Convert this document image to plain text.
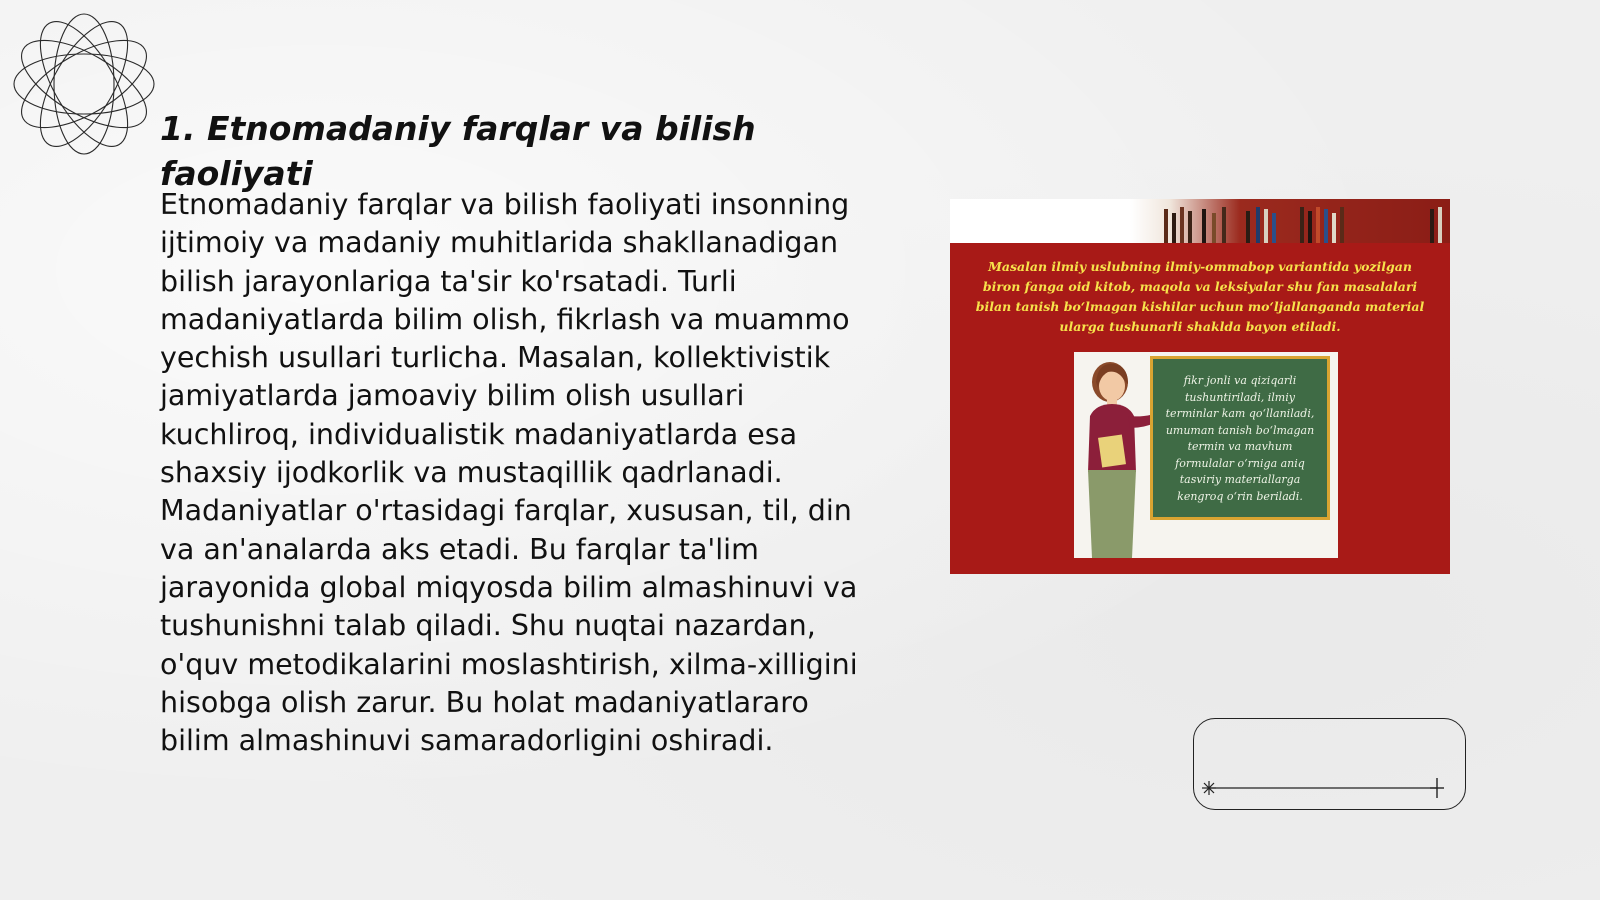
1. Etnomadaniy farqlar va bilish faoliyati

Etnomadaniy farqlar va bilish faoliyati insonning ijtimoiy va madaniy muhitlarida shakllanadigan bilish jarayonlariga ta'sir ko'rsatadi. Turli madaniyatlarda bilim olish, fikrlash va muammo yechish usullari turlicha. Masalan, kollektivistik jamiyatlarda jamoaviy bilim olish usullari kuchliroq, individualistik madaniyatlarda esa shaxsiy ijodkorlik va mustaqillik qadrlanadi. Madaniyatlar o'rtasidagi farqlar, xususan, til, din va an'analarda aks etadi. Bu farqlar ta'lim jarayonida global miqyosda bilim almashinuvi va tushunishni talab qiladi. Shu nuqtai nazardan, o'quv metodikalarini moslashtirish, xilma-xilligini hisobga olish zarur. Bu holat madaniyatlararo bilim almashinuvi samaradorligini oshiradi.

Masalan ilmiy uslubning ilmiy-ommabop variantida yozilgan biron fanga oid kitob, maqola va leksiyalar shu fan masalalari bilan tanish bo‘lmagan kishilar uchun mo‘ljallanganda material ularga tushunarli shaklda bayon etiladi.

fikr jonli va qiziqarli tushuntiriladi, ilmiy terminlar kam qo‘llaniladi, umuman tanish bo‘lmagan termin va mavhum formulalar o‘rniga aniq tasviriy materiallarga kengroq o‘rin beriladi.
